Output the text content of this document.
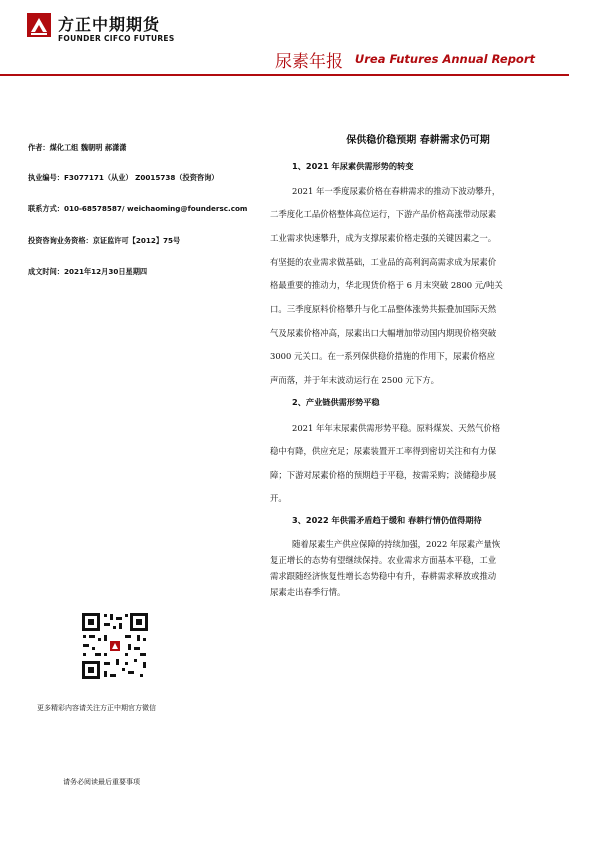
方正中期期货
FOUNDER CIFCO FUTURES
尿素年报 Urea Futures Annual Report
作者：煤化工组 魏朝明 郝潇潇
执业编号：F3077171（从业） Z0015738（投资咨询）
联系方式：010-68578587/ weichaoming@foundersc.com
投资咨询业务资格：京证监许可【2012】75号
成文时间：2021年12月30日星期四
保供稳价稳预期 春耕需求仍可期
1、2021 年尿素供需形势的转变
2021 年一季度尿素价格在春耕需求的推动下波动攀升，
二季度化工品价格整体高位运行，下游产品价格高涨带动尿素
工业需求快速攀升，成为支撑尿素价格走强的关键因素之一。
有坚挺的农业需求做基础，工业品的高利润高需求成为尿素价
格最重要的推动力，华北现货价格于 6 月末突破 2800 元/吨关
口。三季度原料价格攀升与化工品整体涨势共振叠加国际天然
气及尿素价格冲高，尿素出口大幅增加带动国内期现价格突破
3000 元关口。在一系列保供稳价措施的作用下，尿素价格应
声而落，并于年末波动运行在 2500 元下方。
2、产业链供需形势平稳
2021 年年末尿素供需形势平稳。原料煤炭、天然气价格
稳中有降，供应充足；尿素装置开工率得到密切关注和有力保
障；下游对尿素价格的预期趋于平稳，按需采购；淡储稳步展
开。
3、2022 年供需矛盾趋于缓和 春耕行情仍值得期待
随着尿素生产供应保障的持续加强，2022 年尿素产量恢
复正增长的态势有望继续保持。农业需求方面基本平稳，工业
需求跟随经济恢复性增长态势稳中有升，春耕需求释放或推动
尿素走出春季行情。
更多精彩内容请关注方正中期官方微信
请务必阅读最后重要事项
